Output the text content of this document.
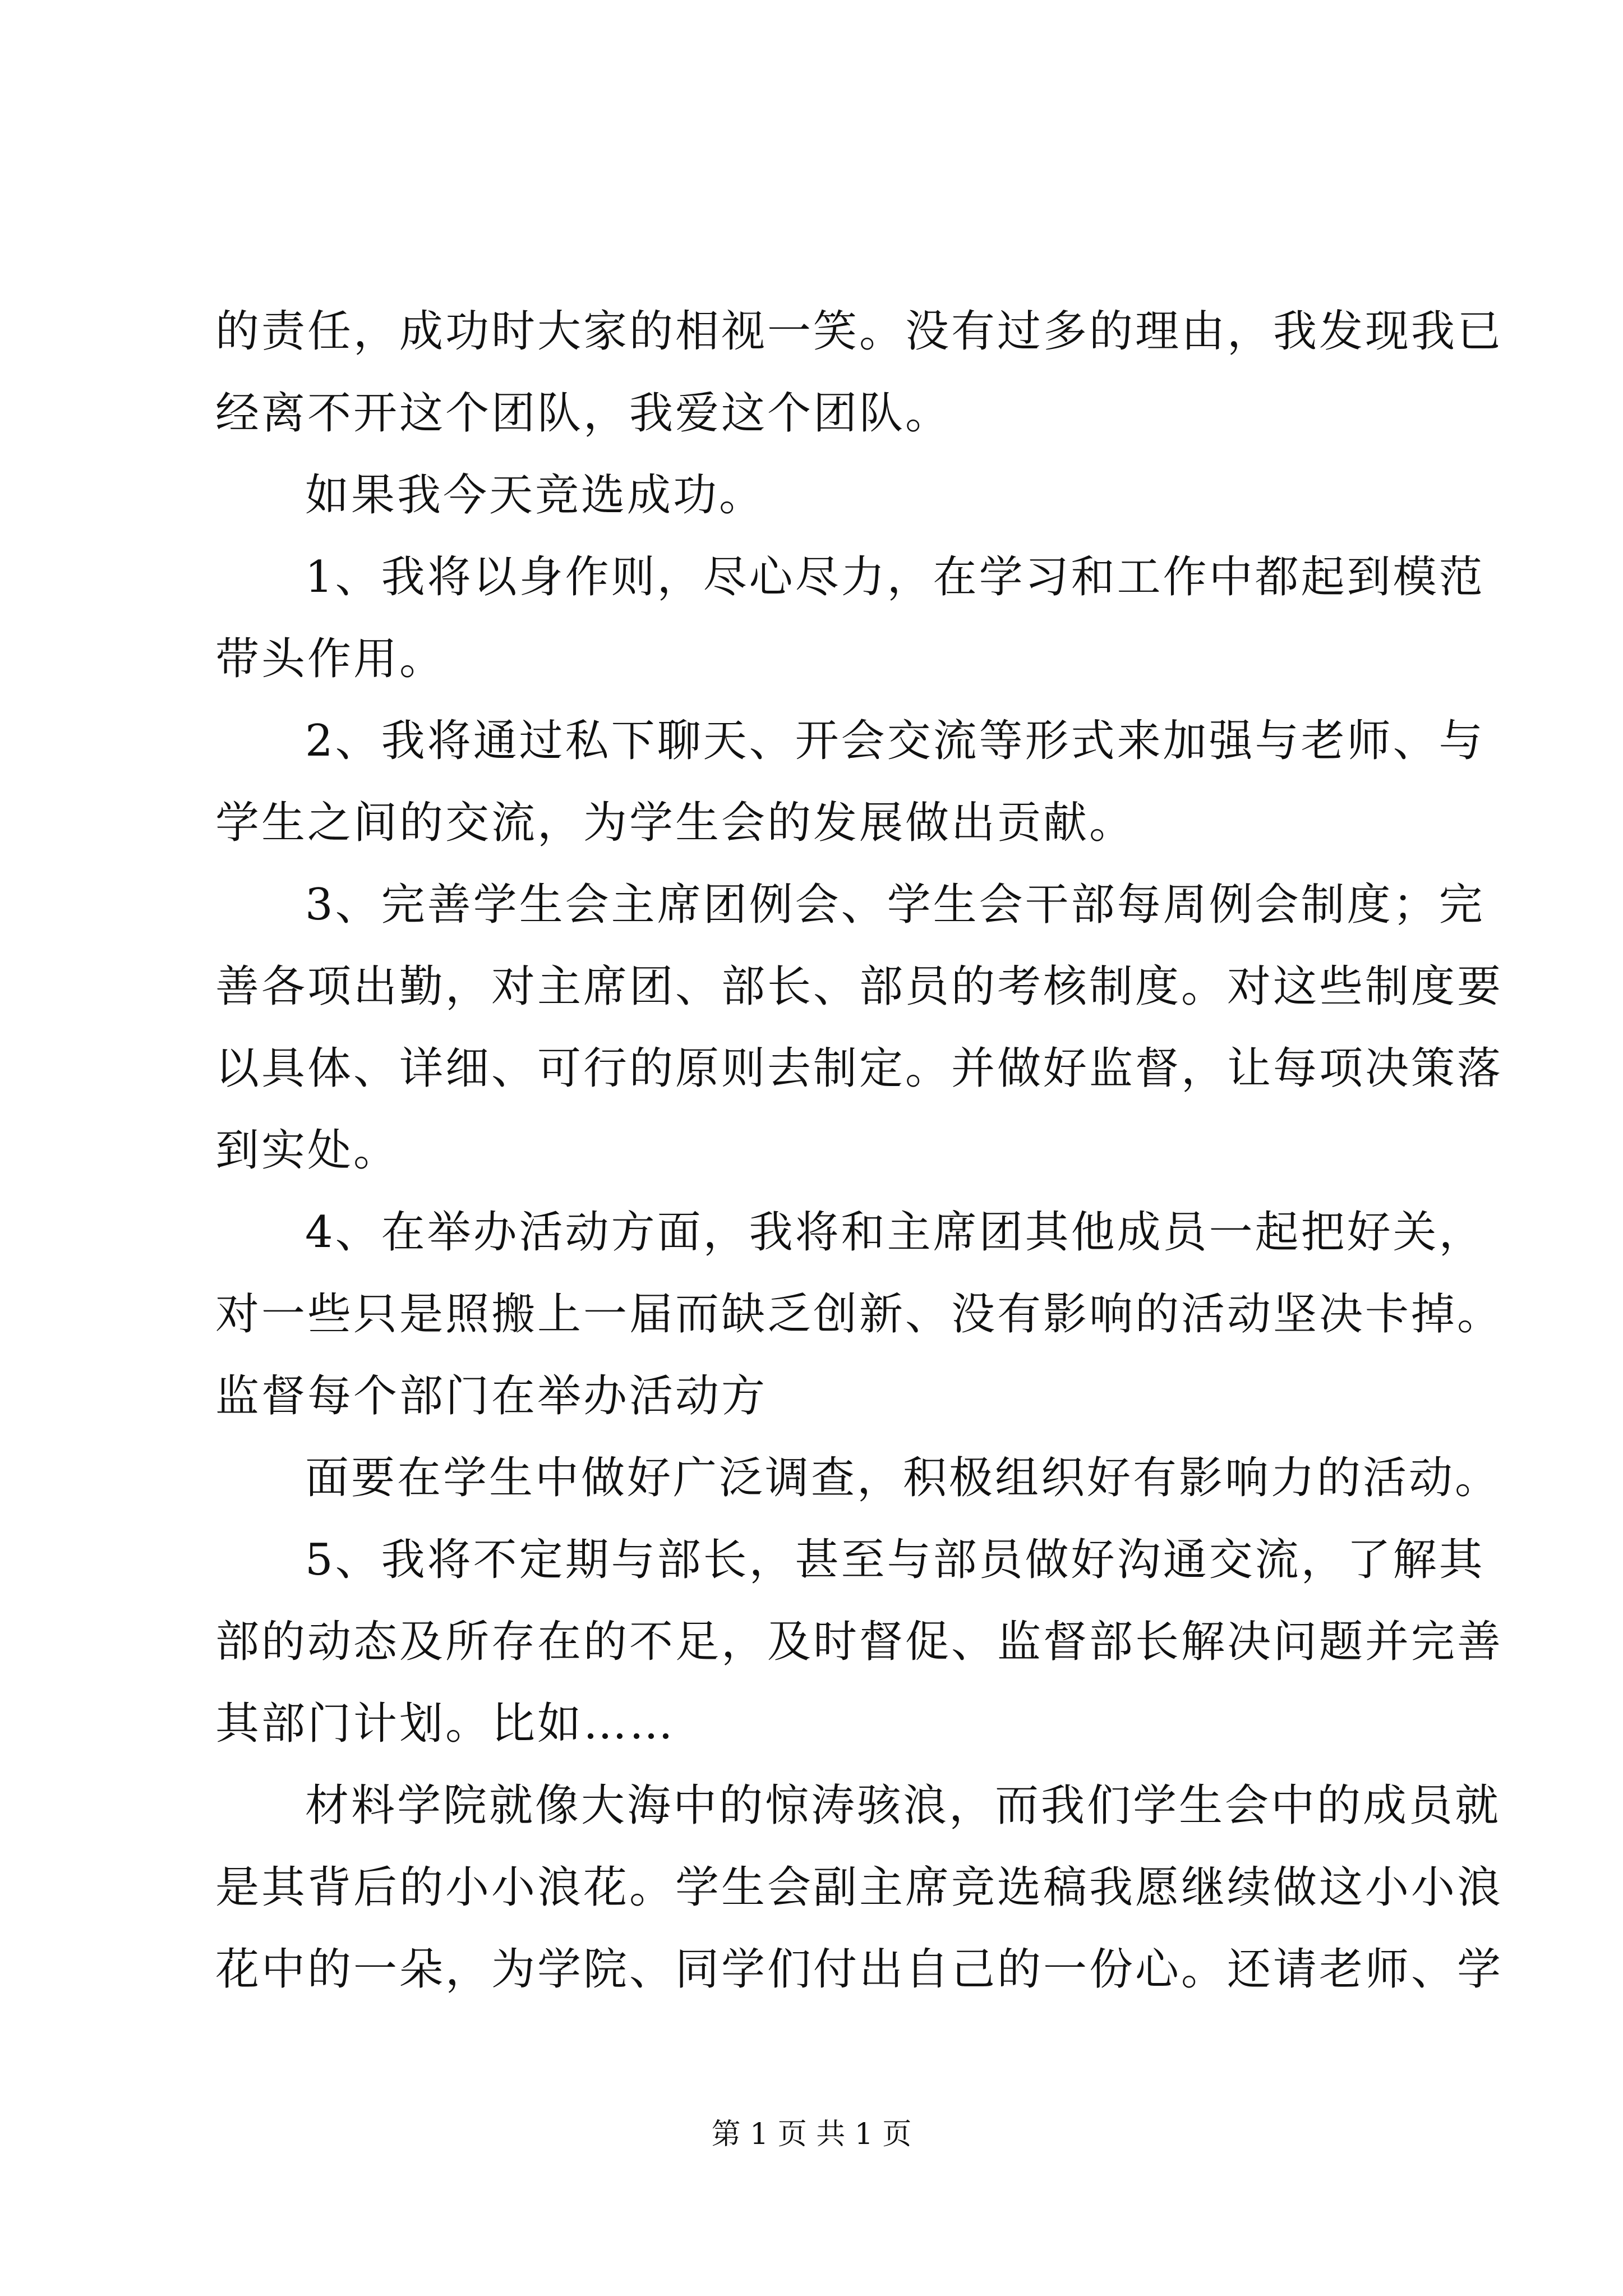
的责任，成功时大家的相视一笑。没有过多的理由，我发现我已
经离不开这个团队，我爱这个团队。
如果我今天竞选成功。
1、我将以身作则，尽心尽力，在学习和工作中都起到模范
带头作用。
2、我将通过私下聊天、开会交流等形式来加强与老师、与
学生之间的交流，为学生会的发展做出贡献。
3、完善学生会主席团例会、学生会干部每周例会制度；完
善各项出勤，对主席团、部长、部员的考核制度。对这些制度要
以具体、详细、可行的原则去制定。并做好监督，让每项决策落
到实处。
4、在举办活动方面，我将和主席团其他成员一起把好关，
对一些只是照搬上一届而缺乏创新、没有影响的活动坚决卡掉。
监督每个部门在举办活动方
面要在学生中做好广泛调查，积极组织好有影响力的活动。
5、我将不定期与部长，甚至与部员做好沟通交流，了解其
部的动态及所存在的不足，及时督促、监督部长解决问题并完善
其部门计划。比如……
材料学院就像大海中的惊涛骇浪，而我们学生会中的成员就
是其背后的小小浪花。学生会副主席竞选稿我愿继续做这小小浪
花中的一朵，为学院、同学们付出自己的一份心。还请老师、学
第 1 页 共 1 页
